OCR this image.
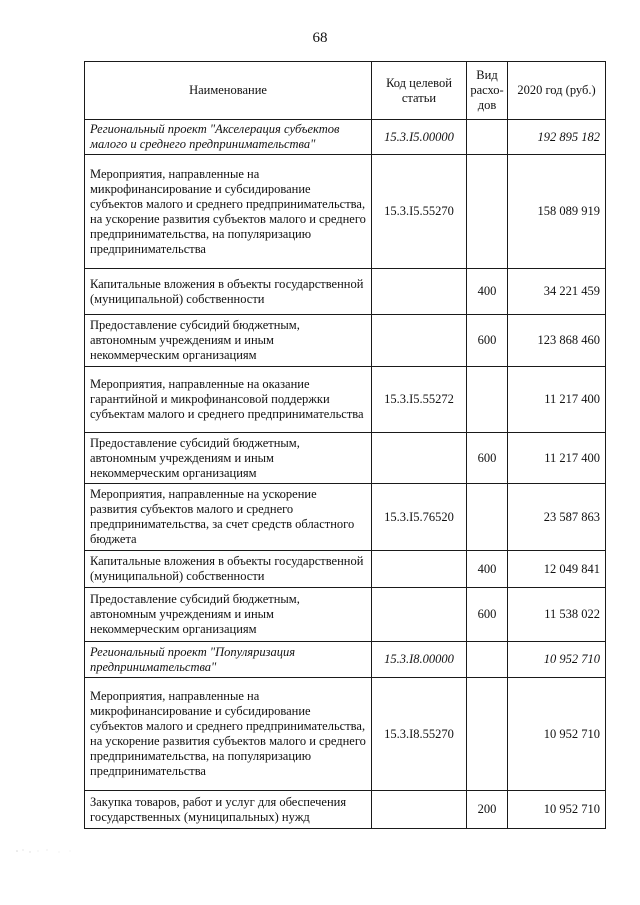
68
Наименование	Код целевой статьи	Вид расхо-дов	2020 год (руб.)
Региональный проект "Акселерация субъектов малого и среднего предпринимательства"	15.3.I5.00000		192 895 182
Мероприятия, направленные на микрофинансирование и субсидирование субъектов малого и среднего предпринимательства, на ускорение развития субъектов малого и среднего предпринимательства, на популяризацию предпринимательства	15.3.I5.55270		158 089 919
Капитальные вложения в объекты государственной (муниципальной) собственности		400	34 221 459
Предоставление субсидий бюджетным, автономным учреждениям и иным некоммерческим организациям		600	123 868 460
Мероприятия, направленные на оказание гарантийной и микрофинансовой поддержки субъектам малого и среднего предпринимательства	15.3.I5.55272		11 217 400
Предоставление субсидий бюджетным, автономным учреждениям и иным некоммерческим организациям		600	11 217 400
Мероприятия, направленные на ускорение развития субъектов малого и среднего предпринимательства, за счет средств областного бюджета	15.3.I5.76520		23 587 863
Капитальные вложения в объекты государственной (муниципальной) собственности		400	12 049 841
Предоставление субсидий бюджетным, автономным учреждениям и иным некоммерческим организациям		600	11 538 022
Региональный проект "Популяризация предпринимательства"	15.3.I8.00000		10 952 710
Мероприятия, направленные на микрофинансирование и субсидирование субъектов малого и среднего предпринимательства, на ускорение развития субъектов малого и среднего предпринимательства, на популяризацию предпринимательства	15.3.I8.55270		10 952 710
Закупка товаров, работ и услуг для обеспечения государственных (муниципальных) нужд		200	10 952 710
